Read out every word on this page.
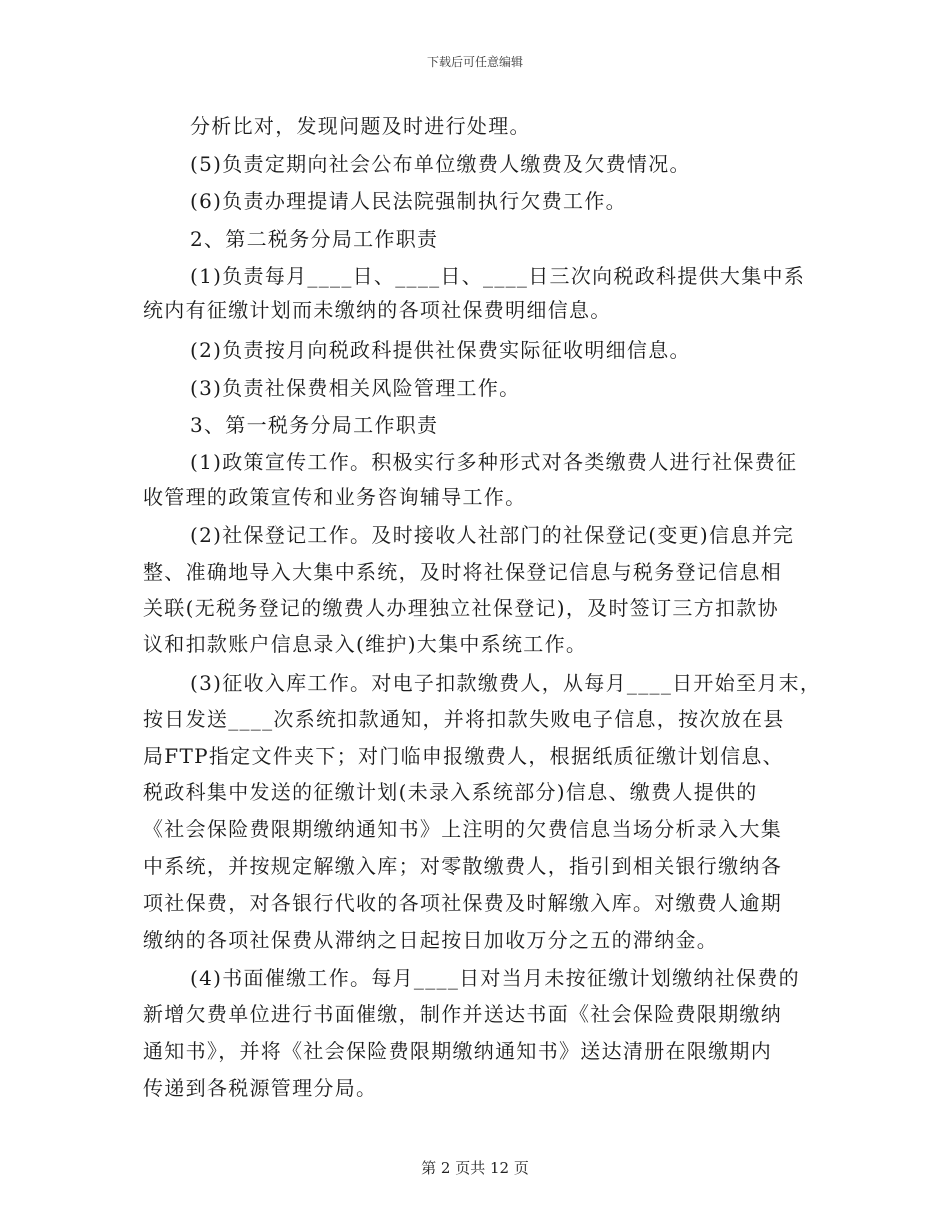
下载后可任意编辑
分析比对，发现问题及时进行处理。
(5)负责定期向社会公布单位缴费人缴费及欠费情况。
(6)负责办理提请人民法院强制执行欠费工作。
2、第二税务分局工作职责
(1)负责每月____日、____日、____日三次向税政科提供大集中系
统内有征缴计划而未缴纳的各项社保费明细信息。
(2)负责按月向税政科提供社保费实际征收明细信息。
(3)负责社保费相关风险管理工作。
3、第一税务分局工作职责
(1)政策宣传工作。积极实行多种形式对各类缴费人进行社保费征
收管理的政策宣传和业务咨询辅导工作。
(2)社保登记工作。及时接收人社部门的社保登记(变更)信息并完
整、准确地导入大集中系统，及时将社保登记信息与税务登记信息相
关联(无税务登记的缴费人办理独立社保登记)，及时签订三方扣款协
议和扣款账户信息录入(维护)大集中系统工作。
(3)征收入库工作。对电子扣款缴费人，从每月____日开始至月末，
按日发送____次系统扣款通知，并将扣款失败电子信息，按次放在县
局FTP指定文件夹下；对门临申报缴费人，根据纸质征缴计划信息、
税政科集中发送的征缴计划(未录入系统部分)信息、缴费人提供的
《社会保险费限期缴纳通知书》上注明的欠费信息当场分析录入大集
中系统，并按规定解缴入库；对零散缴费人，指引到相关银行缴纳各
项社保费，对各银行代收的各项社保费及时解缴入库。对缴费人逾期
缴纳的各项社保费从滞纳之日起按日加收万分之五的滞纳金。
(4)书面催缴工作。每月____日对当月未按征缴计划缴纳社保费的
新增欠费单位进行书面催缴，制作并送达书面《社会保险费限期缴纳
通知书》，并将《社会保险费限期缴纳通知书》送达清册在限缴期内
传递到各税源管理分局。
第 2 页共 12 页
